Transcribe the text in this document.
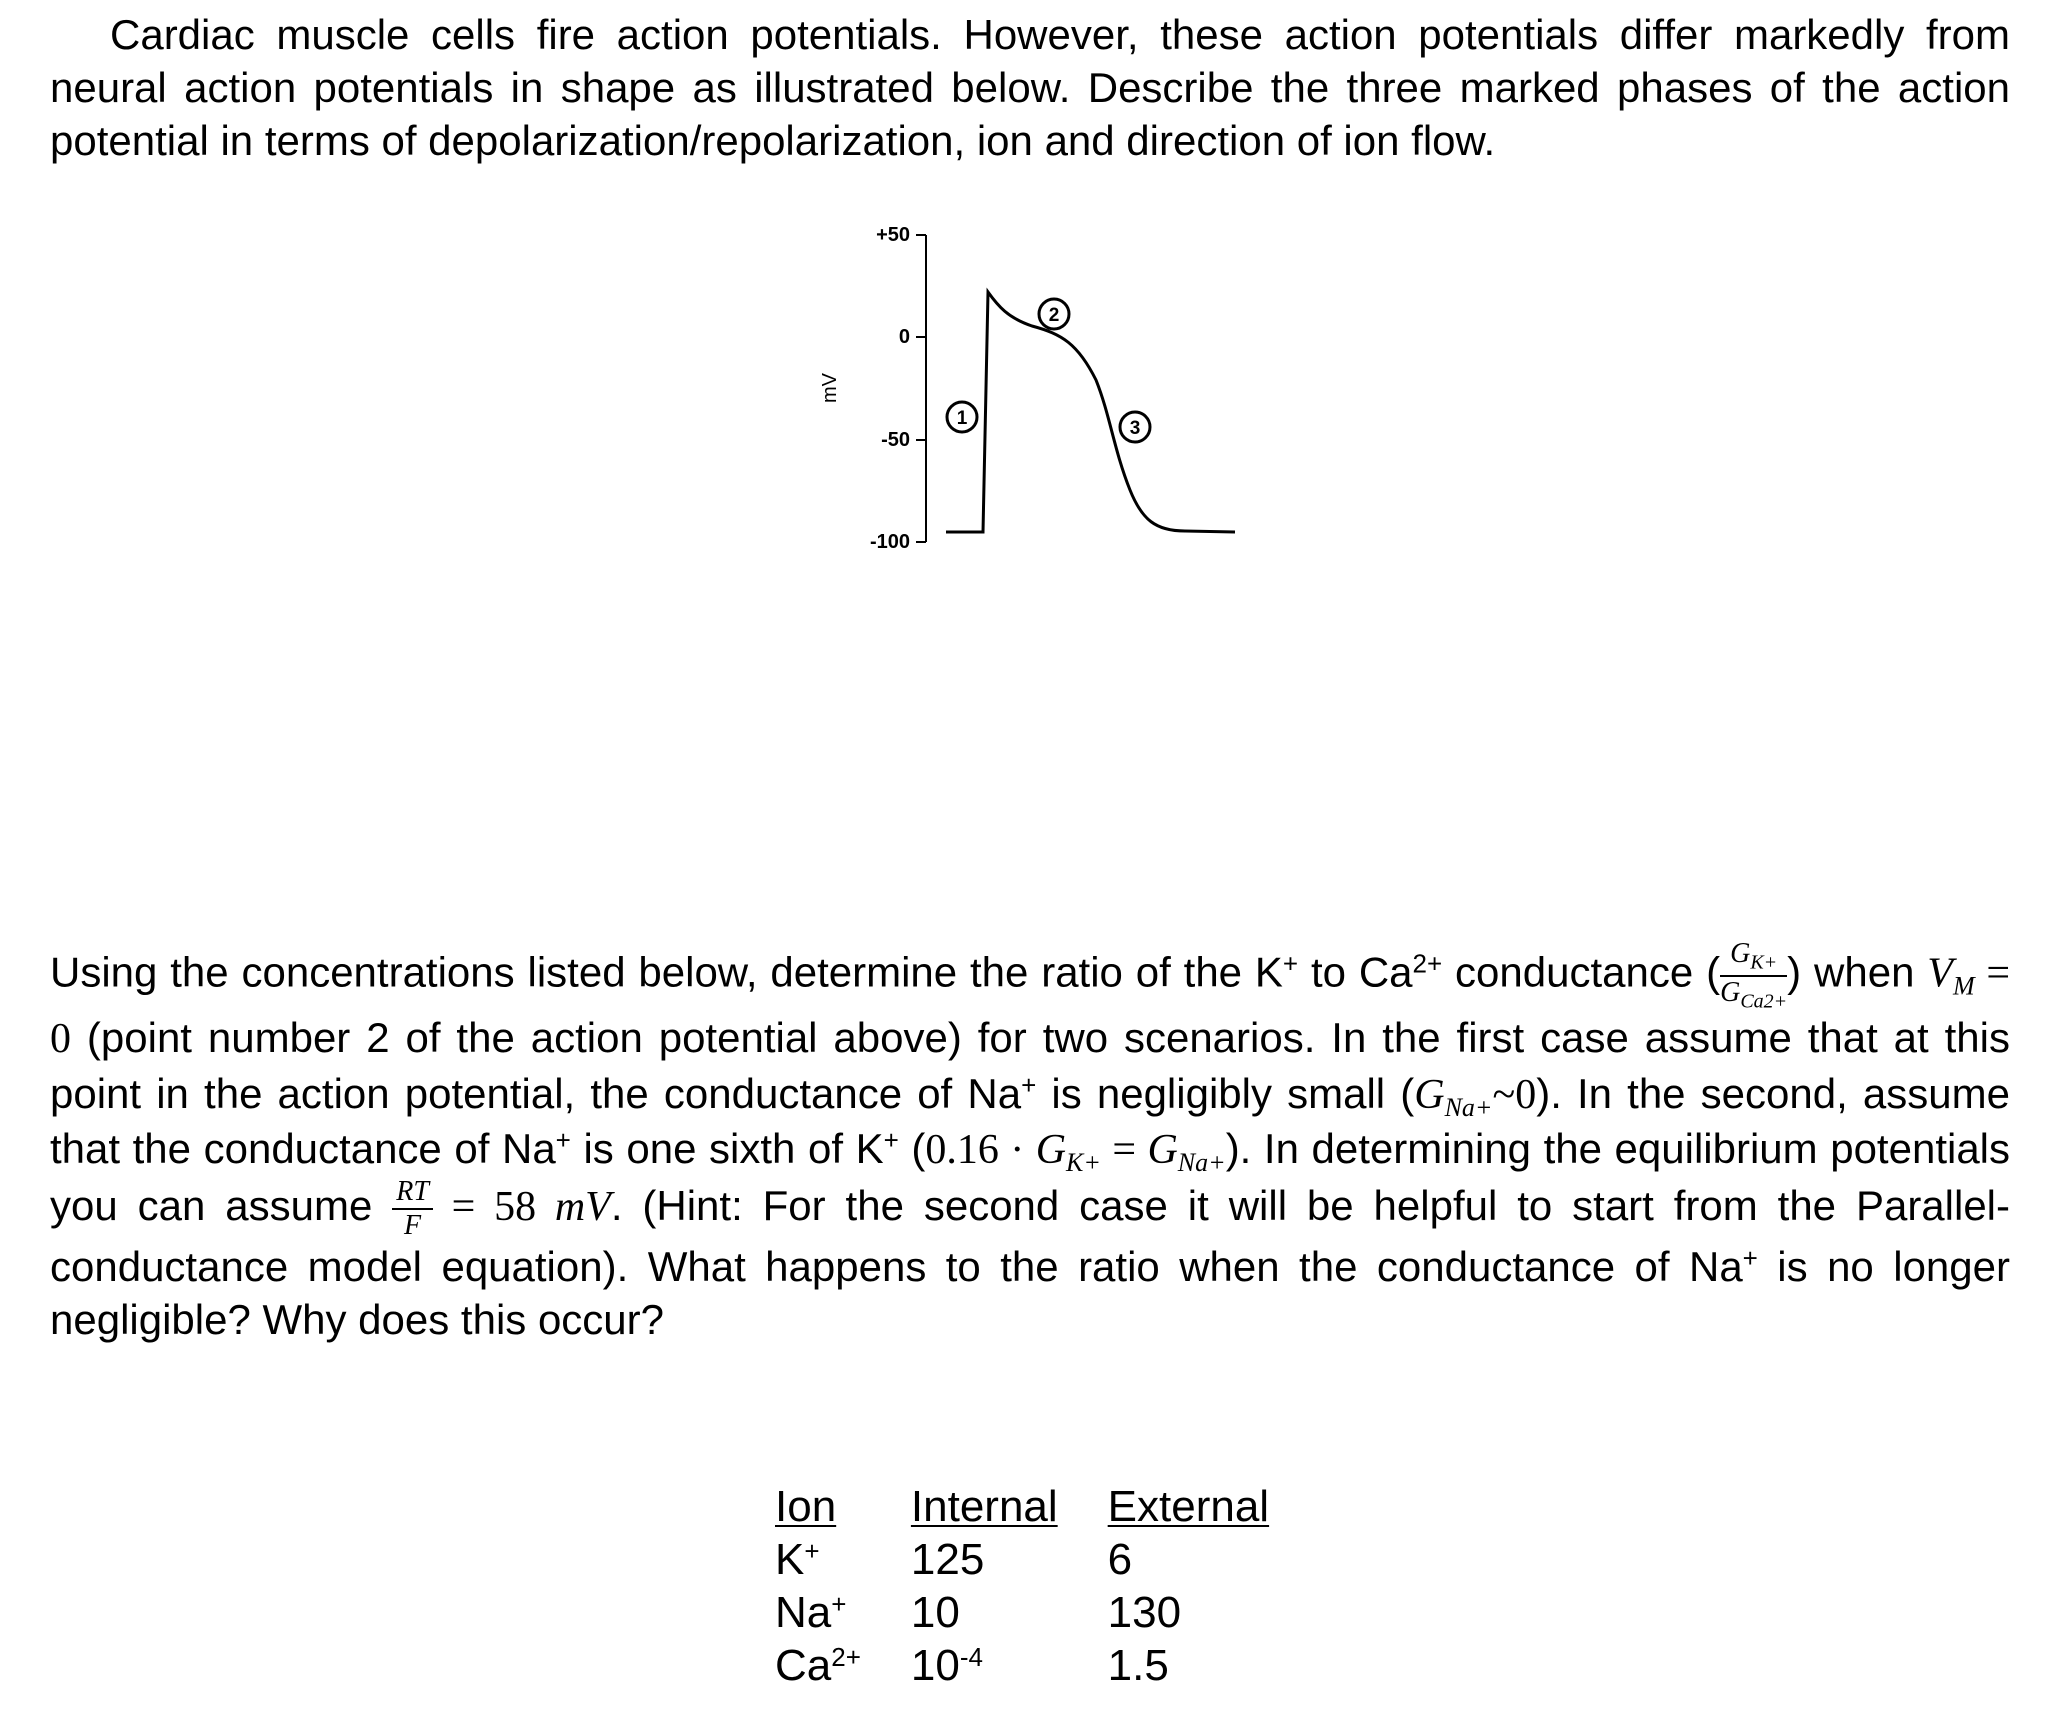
Cardiac muscle cells fire action potentials. However, these action potentials differ markedly from neural action potentials in shape as illustrated below. Describe the three marked phases of the action potential in terms of depolarization/repolarization, ion and direction of ion flow.

+50
0
-50
-100
mV
1
2
3

Using the concentrations listed below, determine the ratio of the K+ to $Ca^{2+}$ conductance ( $\frac{G_{K+}}{G_{Ca2+}}$ ) when $V_M = 0$ (point number 2 of the action potential above) for two scenarios. In the first case assume that at this point in the action potential, the conductance of Na+ is negligibly small $(G_{Na+}\sim 0)$. In the second, assume that the conductance of Na+ is one sixth of K+ $(0.16 \cdot G_{K+} = G_{Na+})$. In determining the equilibrium potentials you can assume $\frac{RT}{F} = 58$ mV. (Hint: For the second case it will be helpful to start from the Parallel-conductance model equation). What happens to the ratio when the conductance of Na+ is no longer negligible? Why does this occur?

Ion	Internal	External
K+	125	6
Na+	10	130
$Ca^{2+}$	$10^{-4}$	1.5
